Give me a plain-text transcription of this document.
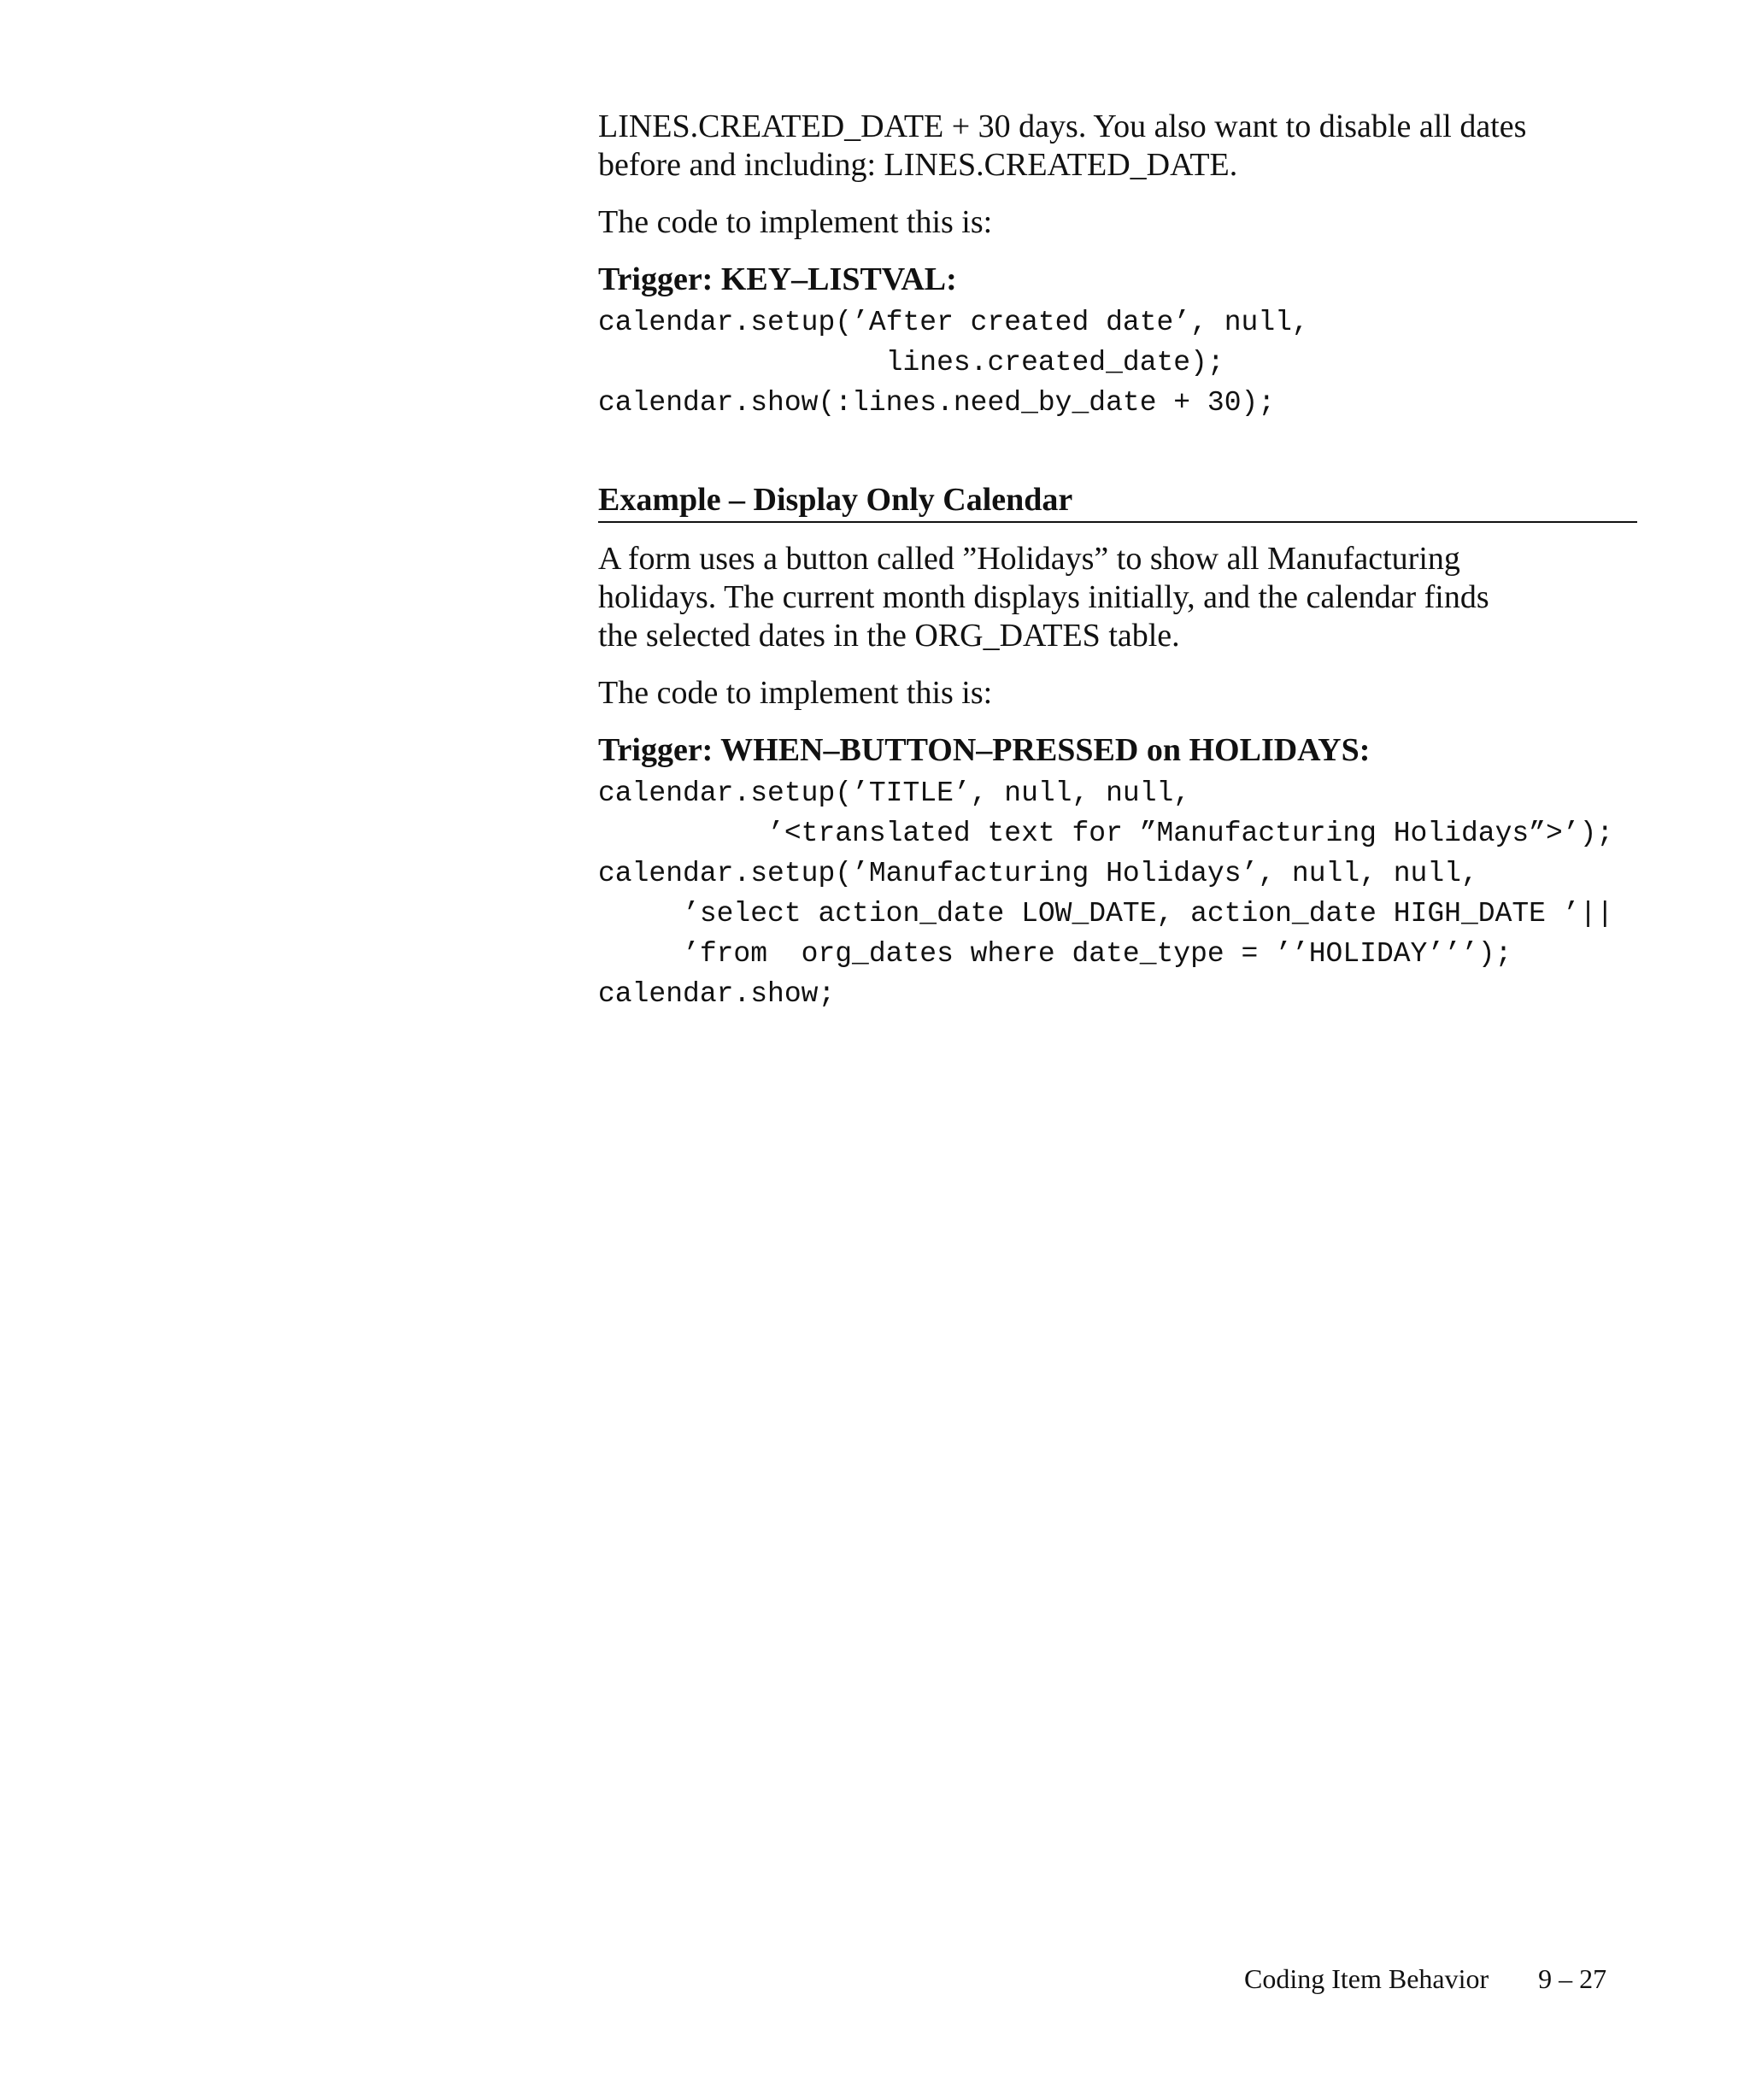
LINES.CREATED_DATE + 30 days. You also want to disable all dates
before and including: LINES.CREATED_DATE.

The code to implement this is:

Trigger: KEY–LISTVAL:
calendar.setup(’After created date’, null,
lines.created_date);
calendar.show(:lines.need_by_date + 30);
Example – Display Only Calendar

A form uses a button called ”Holidays” to show all Manufacturing
holidays. The current month displays initially, and the calendar finds
the selected dates in the ORG_DATES table.

The code to implement this is:

Trigger: WHEN–BUTTON–PRESSED on HOLIDAYS:
calendar.setup(’TITLE’, null, null,
’<translated text for ”Manufacturing Holidays”>’);
calendar.setup(’Manufacturing Holidays’, null, null,
’select action_date LOW_DATE, action_date HIGH_DATE ’||
’from  org_dates where date_type = ’’HOLIDAY’’’);
calendar.show;
Coding Item Behavior 9 – 27
